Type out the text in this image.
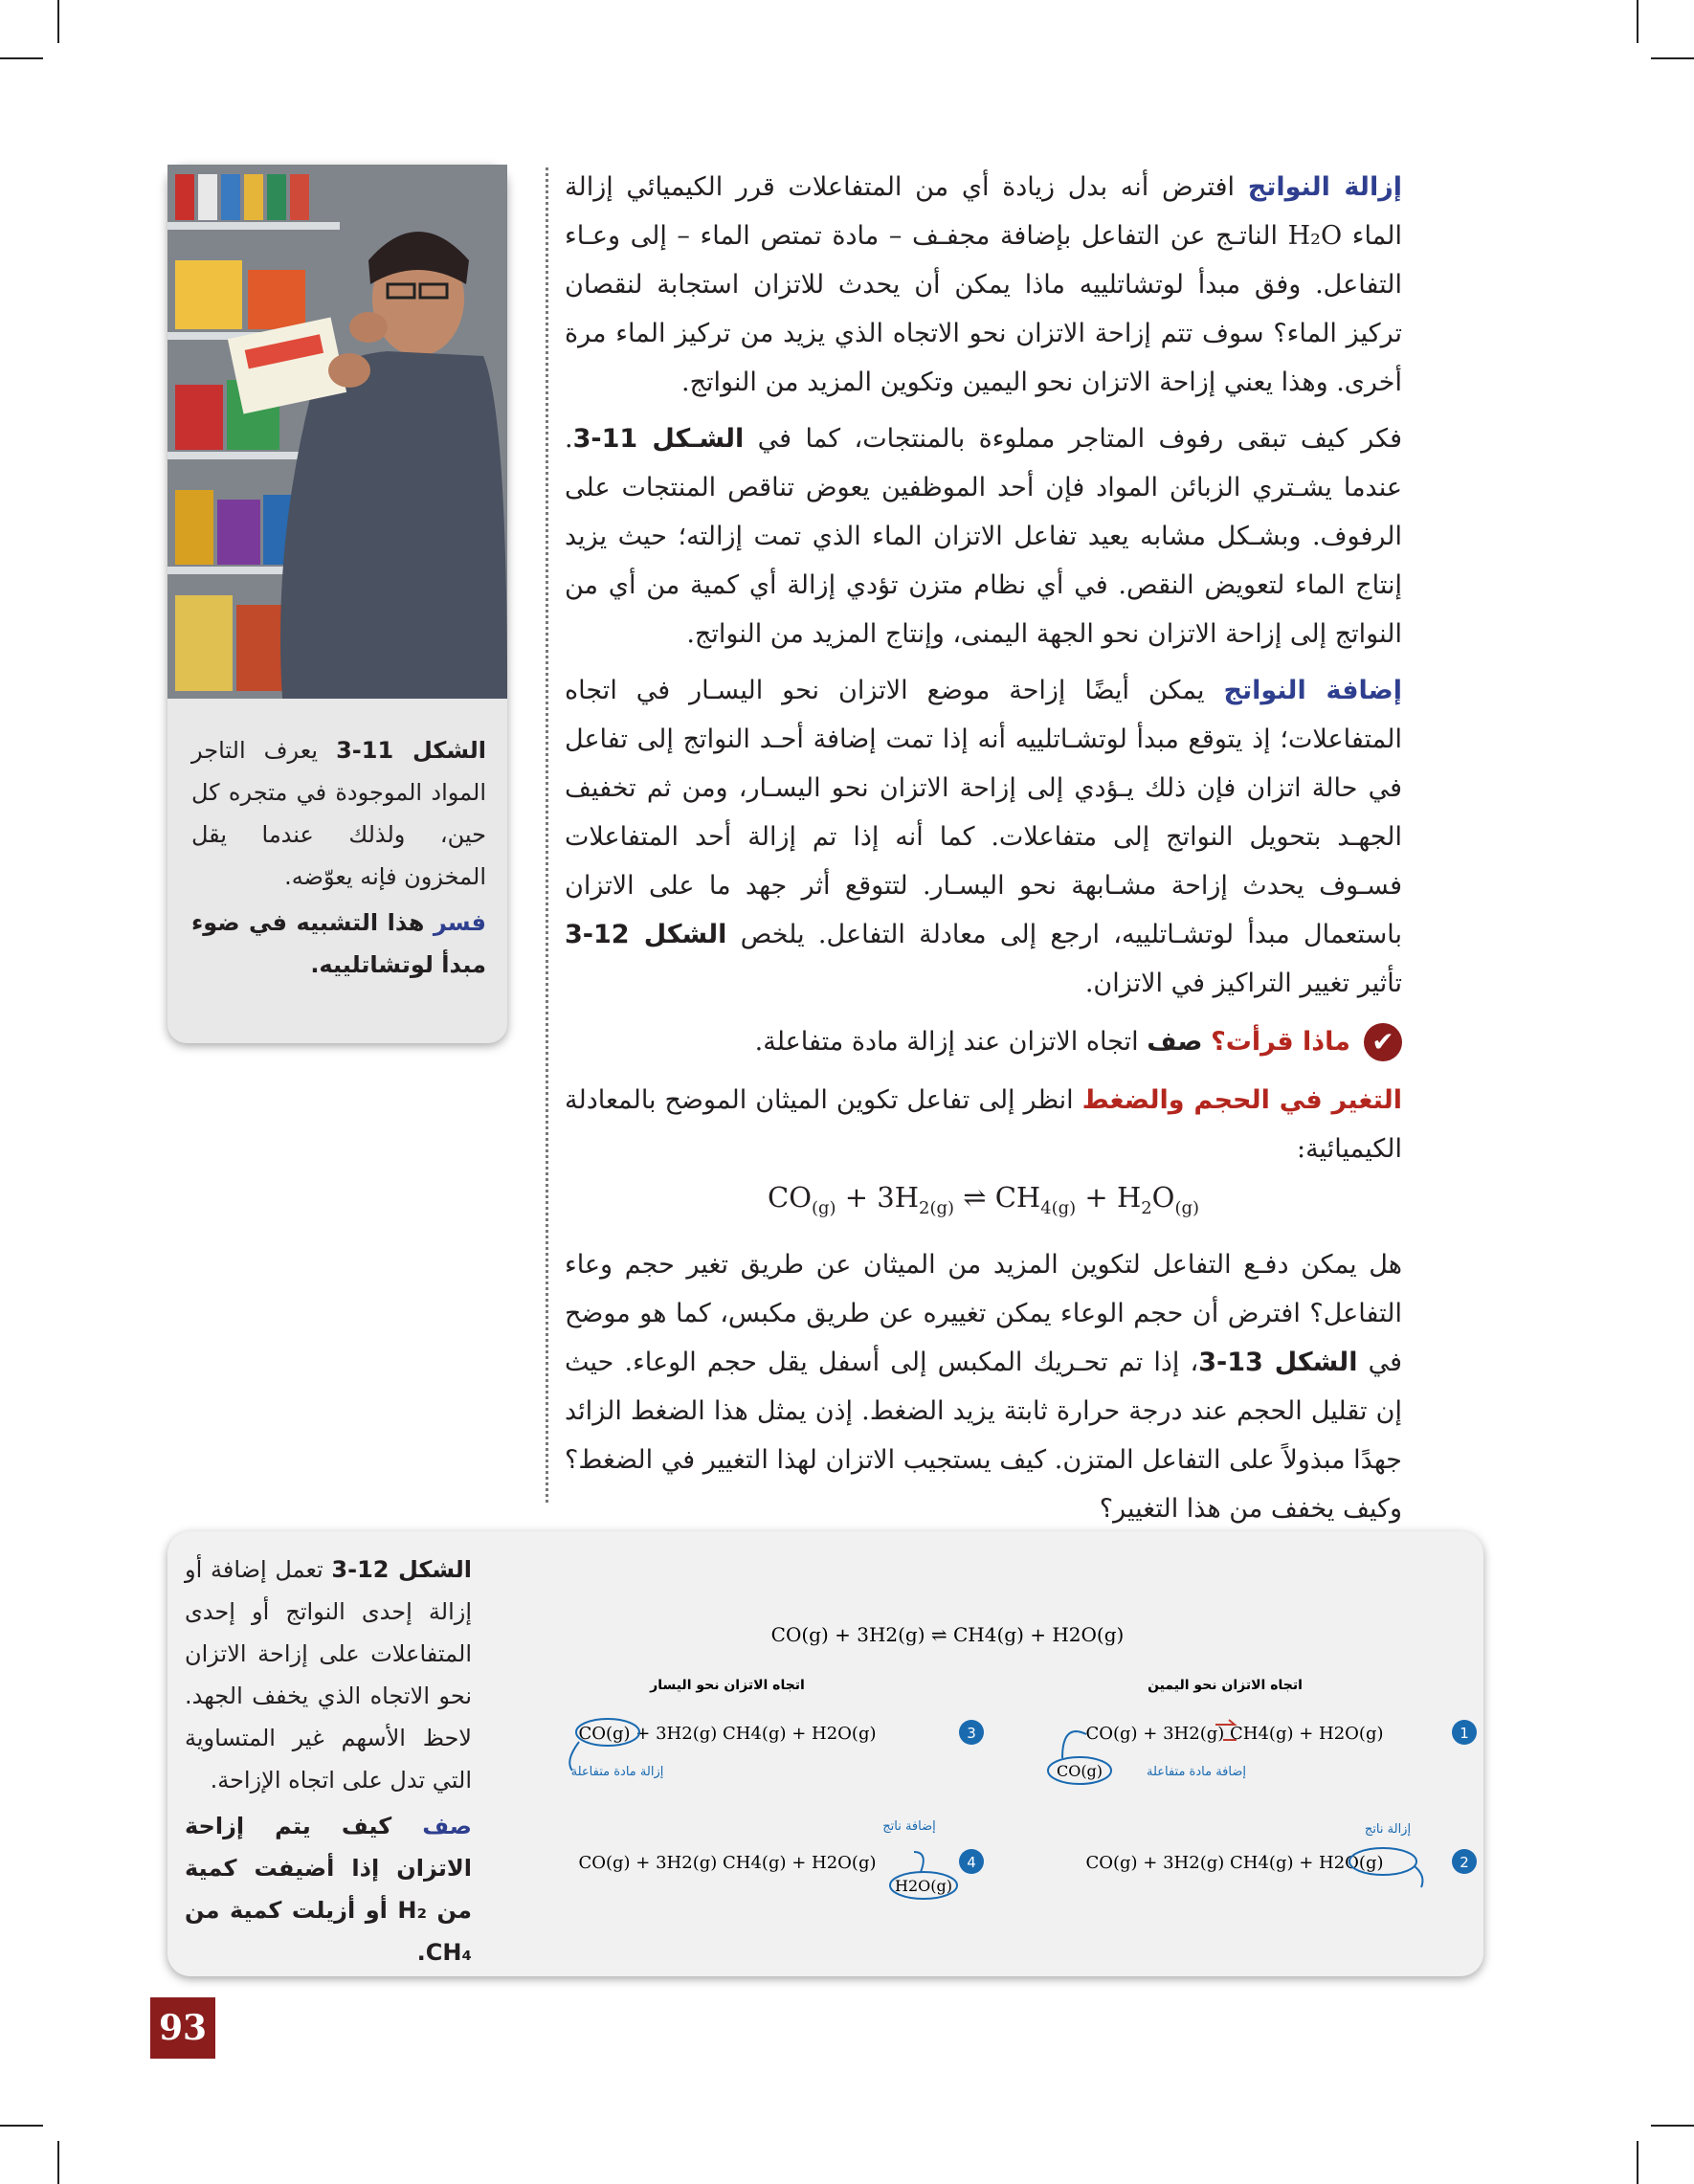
إزالة النواتج افترض أنه بدل زيادة أي من المتفاعلات قرر الكيميائي إزالة الماء H₂O الناتـج عن التفاعل بإضافة مجفـف – مادة تمتص الماء – إلى وعـاء التفاعل. وفق مبدأ لوتشاتلييه ماذا يمكن أن يحدث للاتزان استجابة لنقصان تركيز الماء؟ سوف تتم إزاحة الاتزان نحو الاتجاه الذي يزيد من تركيز الماء مرة أخرى. وهذا يعني إزاحة الاتزان نحو اليمين وتكوين المزيد من النواتج.

فكر كيف تبقى رفوف المتاجر مملوءة بالمنتجات، كما في الشـكل 11-3. عندما يشـتري الزبائن المواد فإن أحد الموظفين يعوض تناقص المنتجات على الرفوف. وبشـكل مشابه يعيد تفاعل الاتزان الماء الذي تمت إزالته؛ حيث يزيد إنتاج الماء لتعويض النقص. في أي نظام متزن تؤدي إزالة أي كمية من أي من النواتج إلى إزاحة الاتزان نحو الجهة اليمنى، وإنتاج المزيد من النواتج.

إضافة النواتج يمكن أيضًا إزاحة موضع الاتزان نحو اليسـار في اتجاه المتفاعلات؛ إذ يتوقع مبدأ لوتشـاتلييه أنه إذا تمت إضافة أحـد النواتج إلى تفاعل في حالة اتزان فإن ذلك يـؤدي إلى إزاحة الاتزان نحو اليسـار، ومن ثم تخفيف الجهـد بتحويل النواتج إلى متفاعلات. كما أنه إذا تم إزالة أحد المتفاعلات فسـوف يحدث إزاحة مشـابهة نحو اليسـار. لتتوقع أثر جهد ما على الاتزان باستعمال مبدأ لوتشـاتلييه، ارجع إلى معادلة التفاعل. يلخص الشكل 12-3 تأثير تغيير التراكيز في الاتزان.

✔
ماذا قرأت؟ صف اتجاه الاتزان عند إزالة مادة متفاعلة.

التغير في الحجم والضغط انظر إلى تفاعل تكوين الميثان الموضح بالمعادلة الكيميائية:

$CO_{(g)} + 3H_{2(g)}$ ⇌ $CH_{4(g)} + H_2O_{(g)}$

هل يمكن دفـع التفاعل لتكوين المزيد من الميثان عن طريق تغير حجم وعاء التفاعل؟ افترض أن حجم الوعاء يمكن تغييره عن طريق مكبس، كما هو موضح في الشكل 13-3، إذا تم تحـريك المكبس إلى أسفل يقل حجم الوعاء. حيث إن تقليل الحجم عند درجة حرارة ثابتة يزيد الضغط. إذن يمثل هذا الضغط الزائد جهدًا مبذولاً على التفاعل المتزن. كيف يستجيب الاتزان لهذا التغيير في الضغط؟ وكيف يخفف من هذا التغيير؟

الشكل 11-3 يعرف التاجر المواد الموجودة في متجره كل حين، ولذلك عندما يقل المخزون فإنه يعوّضه.
فسر هذا التشبيه في ضوء مبدأ لوتشاتلييه.
الشكل 12-3 تعمل إضافة أو إزالة إحدى النواتج أو إحدى المتفاعلات على إزاحة الاتزان نحو الاتجاه الذي يخفف الجهد. لاحظ الأسهم غير المتساوية التي تدل على اتجاه الإزاحة.
صف كيف يتم إزاحة الاتزان إذا أضيفت كمية من H₂ أو أزيلت كمية من CH₄.
CO(g) + 3H2(g) ⇌ CH4(g) + H2O(g)
اتجاه الاتزان نحو اليمين
اتجاه الاتزان نحو اليسار
1
CO(g) + 3H2(g) CH4(g) + H2O(g)
CO(g)	إضافة مادة متفاعلة
3
CO(g) + 3H2(g) CH4(g) + H2O(g)
إزالة مادة متفاعلة
2
CO(g) + 3H2(g) CH4(g) + H2O(g)
إزالة ناتج
4
CO(g) + 3H2(g) CH4(g) + H2O(g)
H2O(g)
إضافة ناتج
93
